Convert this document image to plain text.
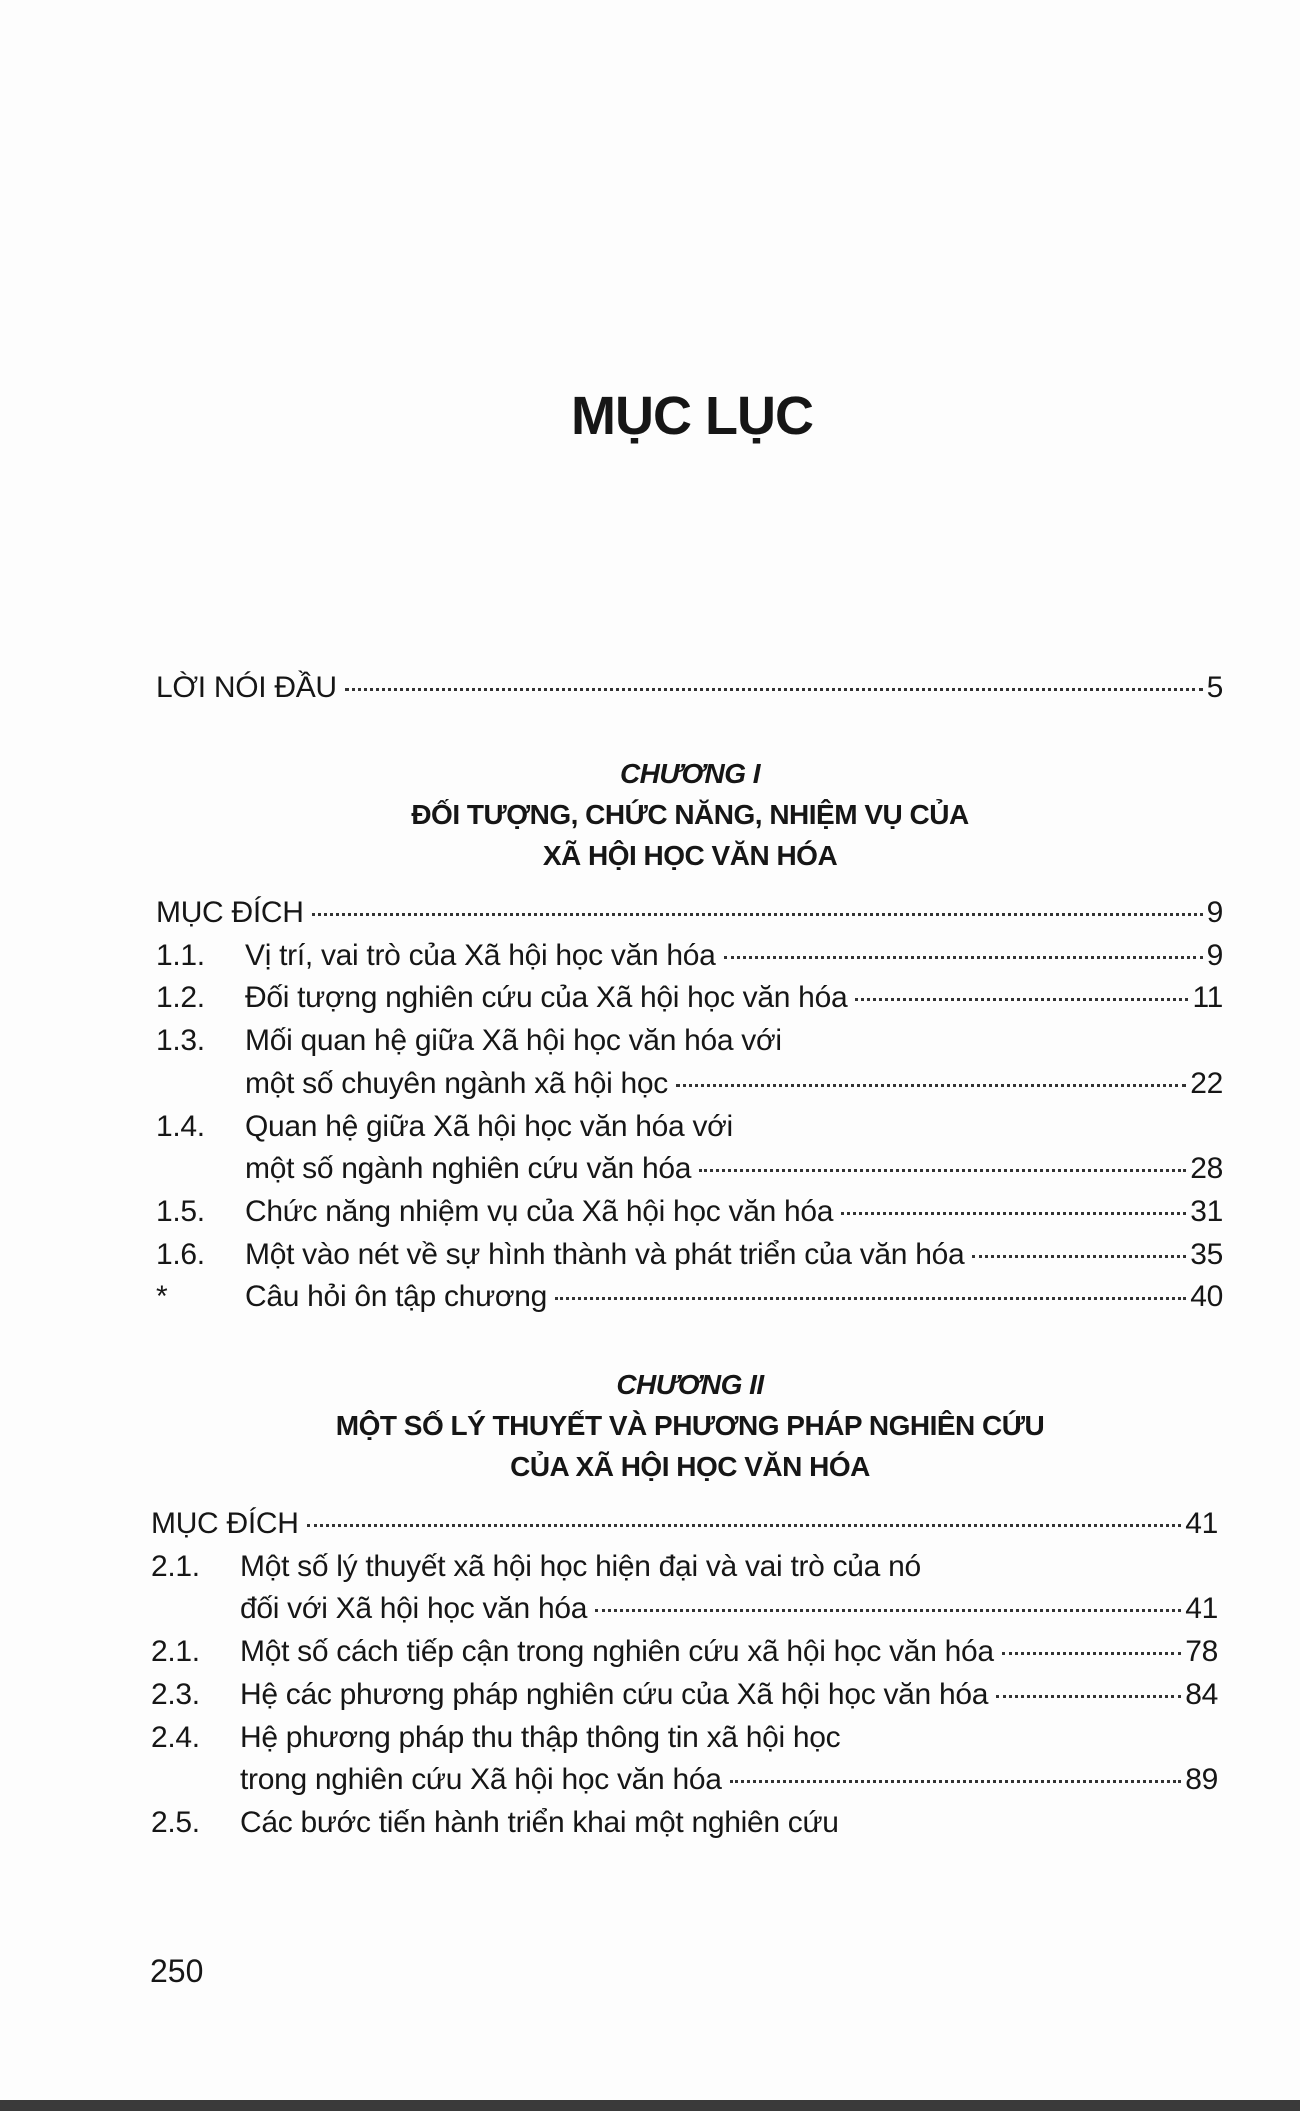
MỤC LỤC
LỜI NÓI ĐẦU	5
CHƯƠNG I
ĐỐI TƯỢNG, CHỨC NĂNG, NHIỆM VỤ CỦA
XÃ HỘI HỌC VĂN HÓA
MỤC ĐÍCH	9
1.1. Vị trí, vai trò của Xã hội học văn hóa	9
1.2. Đối tượng nghiên cứu của Xã hội học văn hóa	11
1.3. Mối quan hệ giữa Xã hội học văn hóa với
một số chuyên ngành xã hội học	22
1.4. Quan hệ giữa Xã hội học văn hóa với
một số ngành nghiên cứu văn hóa	28
1.5. Chức năng nhiệm vụ của Xã hội học văn hóa	31
1.6. Một vào nét về sự hình thành và phát triển của văn hóa	35
*	Câu hỏi ôn tập chương	40
CHƯƠNG II
MỘT SỐ LÝ THUYẾT VÀ PHƯƠNG PHÁP NGHIÊN CỨU
CỦA XÃ HỘI HỌC VĂN HÓA
MỤC ĐÍCH	41
2.1. Một số lý thuyết xã hội học hiện đại và vai trò của nó
đối với Xã hội học văn hóa	41
2.1. Một số cách tiếp cận trong nghiên cứu xã hội học văn hóa	78
2.3. Hệ các phương pháp nghiên cứu của Xã hội học văn hóa	84
2.4. Hệ phương pháp thu thập thông tin xã hội học
trong nghiên cứu Xã hội học văn hóa	89
2.5. Các bước tiến hành triển khai một nghiên cứu
250
